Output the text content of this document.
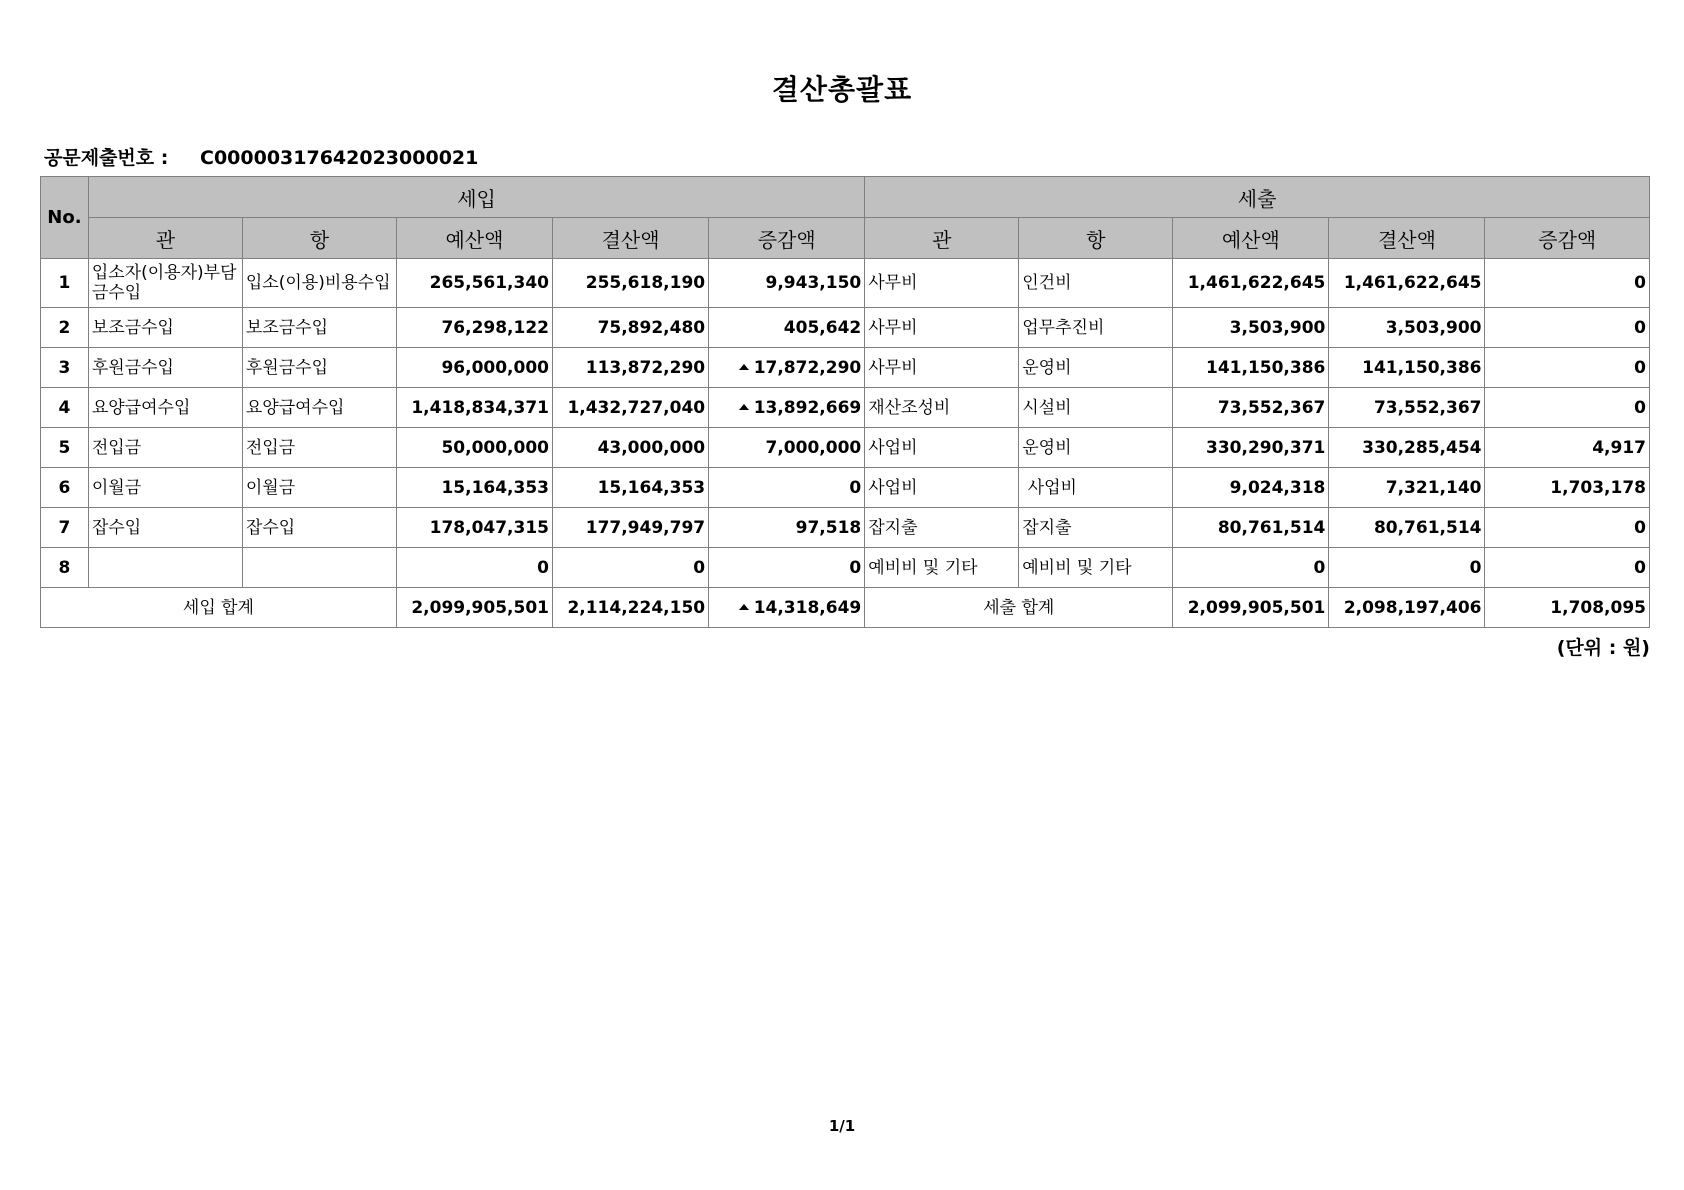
결산총괄표
공문제출번호 : C00000317642023000021
No.	세입					세출				
	관	항	예산액	결산액	증감액	관	항	예산액	결산액	증감액
1	입소자(이용자)부담금수입	입소(이용)비용수입	265,561,340	255,618,190	9,943,150	사무비	인건비	1,461,622,645	1,461,622,645	0
2	보조금수입	보조금수입	76,298,122	75,892,480	405,642	사무비	업무추진비	3,503,900	3,503,900	0
3	후원금수입	후원금수입	96,000,000	113,872,290	17,872,290	사무비	운영비	141,150,386	141,150,386	0
4	요양급여수입	요양급여수입	1,418,834,371	1,432,727,040	13,892,669	재산조성비	시설비	73,552,367	73,552,367	0
5	전입금	전입금	50,000,000	43,000,000	7,000,000	사업비	운영비	330,290,371	330,285,454	4,917
6	이월금	이월금	15,164,353	15,164,353	0	사업비	사업비	9,024,318	7,321,140	1,703,178
7	잡수입	잡수입	178,047,315	177,949,797	97,518	잡지출	잡지출	80,761,514	80,761,514	0
8			0	0	0	예비비 및 기타	예비비 및 기타	0	0	0
세입 합계			2,099,905,501	2,114,224,150	14,318,649	세출 합계		2,099,905,501	2,098,197,406	1,708,095
(단위 : 원)
1/1
